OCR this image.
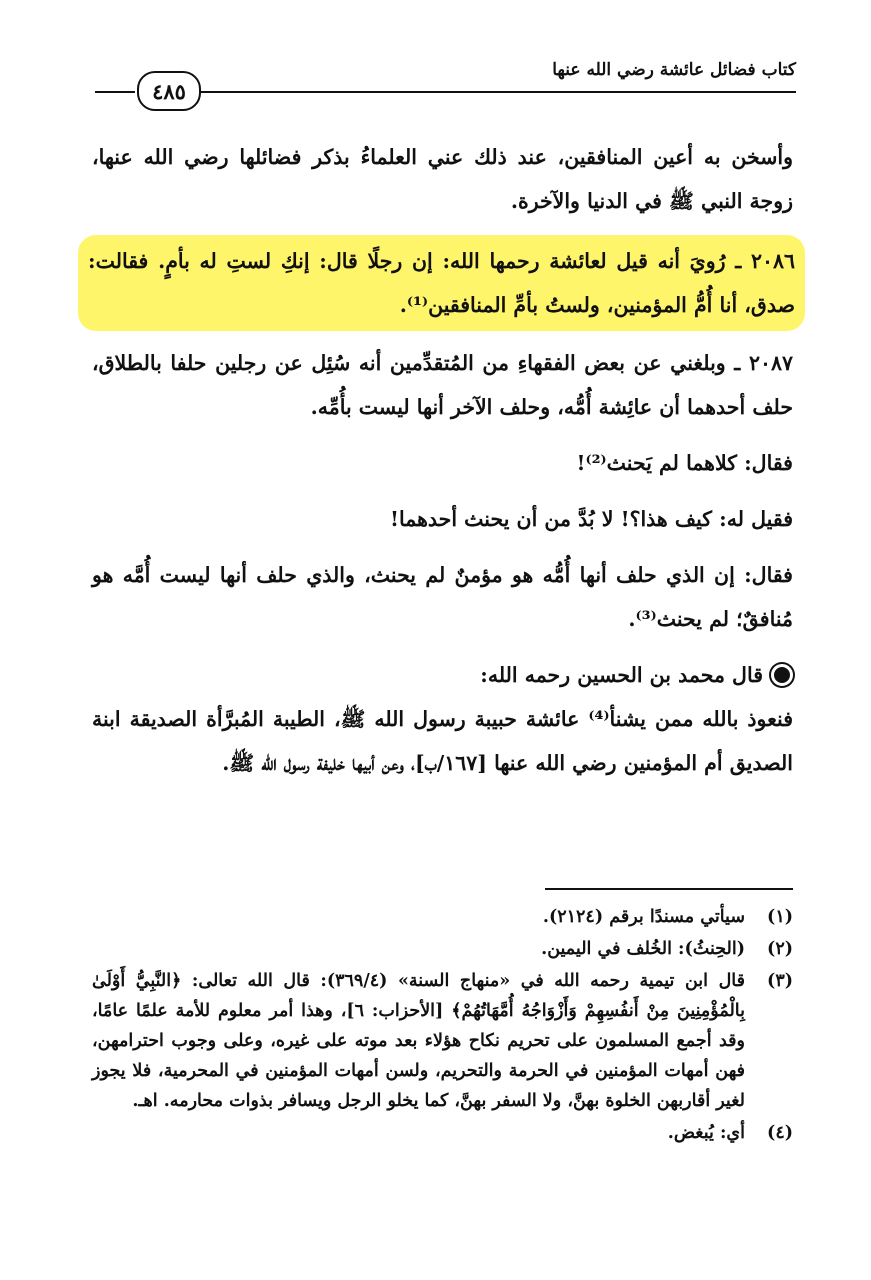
٤٨٥
كتاب فضائل عائشة رضي الله عنها

وأسخن به أعين المنافقين، عند ذلك عني العلماءُ بذكر فضائلها رضي الله عنها، زوجة النبي ﷺ في الدنيا والآخرة.

٢٠٨٦ ـ رُويَ أنه قيل لعائشة رحمها الله: إن رجلًا قال: إنكِ لستِ له بأمٍ. فقالت: صدق، أنا أُمُّ المؤمنين، ولستُ بأمِّ المنافقين⁽¹⁾.

٢٠٨٧ ـ وبلغني عن بعض الفقهاءِ من المُتقدِّمين أنه سُئِل عن رجلين حلفا بالطلاق، حلف أحدهما أن عائِشة أُمُّه، وحلف الآخر أنها ليست بأُمِّه.

فقال: كلاهما لم يَحنث⁽²⁾!

فقيل له: كيف هذا؟! لا بُدَّ من أن يحنث أحدهما!

فقال: إن الذي حلف أنها أُمُّه هو مؤمنٌ لم يحنث، والذي حلف أنها ليست أُمَّه هو مُنافقٌ؛ لم يحنث⁽³⁾.

قال محمد بن الحسين رحمه الله:

فنعوذ بالله ممن يشنأ⁽⁴⁾ عائشة حبيبة رسول الله ﷺ، الطيبة المُبرَّأة الصديقة ابنة الصديق أم المؤمنين رضي الله عنها [١٦٧/ب]، وعن أبيها خليفة رسول الله ﷺ.

(١)
سيأتي مسندًا برقم (٢١٢٤).
(٢)
(الحِنثُ): الخُلف في اليمين.
(٣)
قال ابن تيمية رحمه الله في «منهاج السنة» (٣٦٩/٤): قال الله تعالى: ﴿النَّبِيُّ أَوْلَىٰ بِالْمُؤْمِنِينَ مِنْ أَنفُسِهِمْ وَأَزْوَاجُهُ أُمَّهَاتُهُمْ﴾ [الأحزاب: ٦]، وهذا أمر معلوم للأمة علمًا عامًا، وقد أجمع المسلمون على تحريم نكاح هؤلاء بعد موته على غيره، وعلى وجوب احترامهن، فهن أمهات المؤمنين في الحرمة والتحريم، ولسن أمهات المؤمنين في المحرمية، فلا يجوز لغير أقاربهن الخلوة بهنَّ، ولا السفر بهنَّ، كما يخلو الرجل ويسافر بذوات محارمه. اهـ.
(٤)
أي: يُبغض.
